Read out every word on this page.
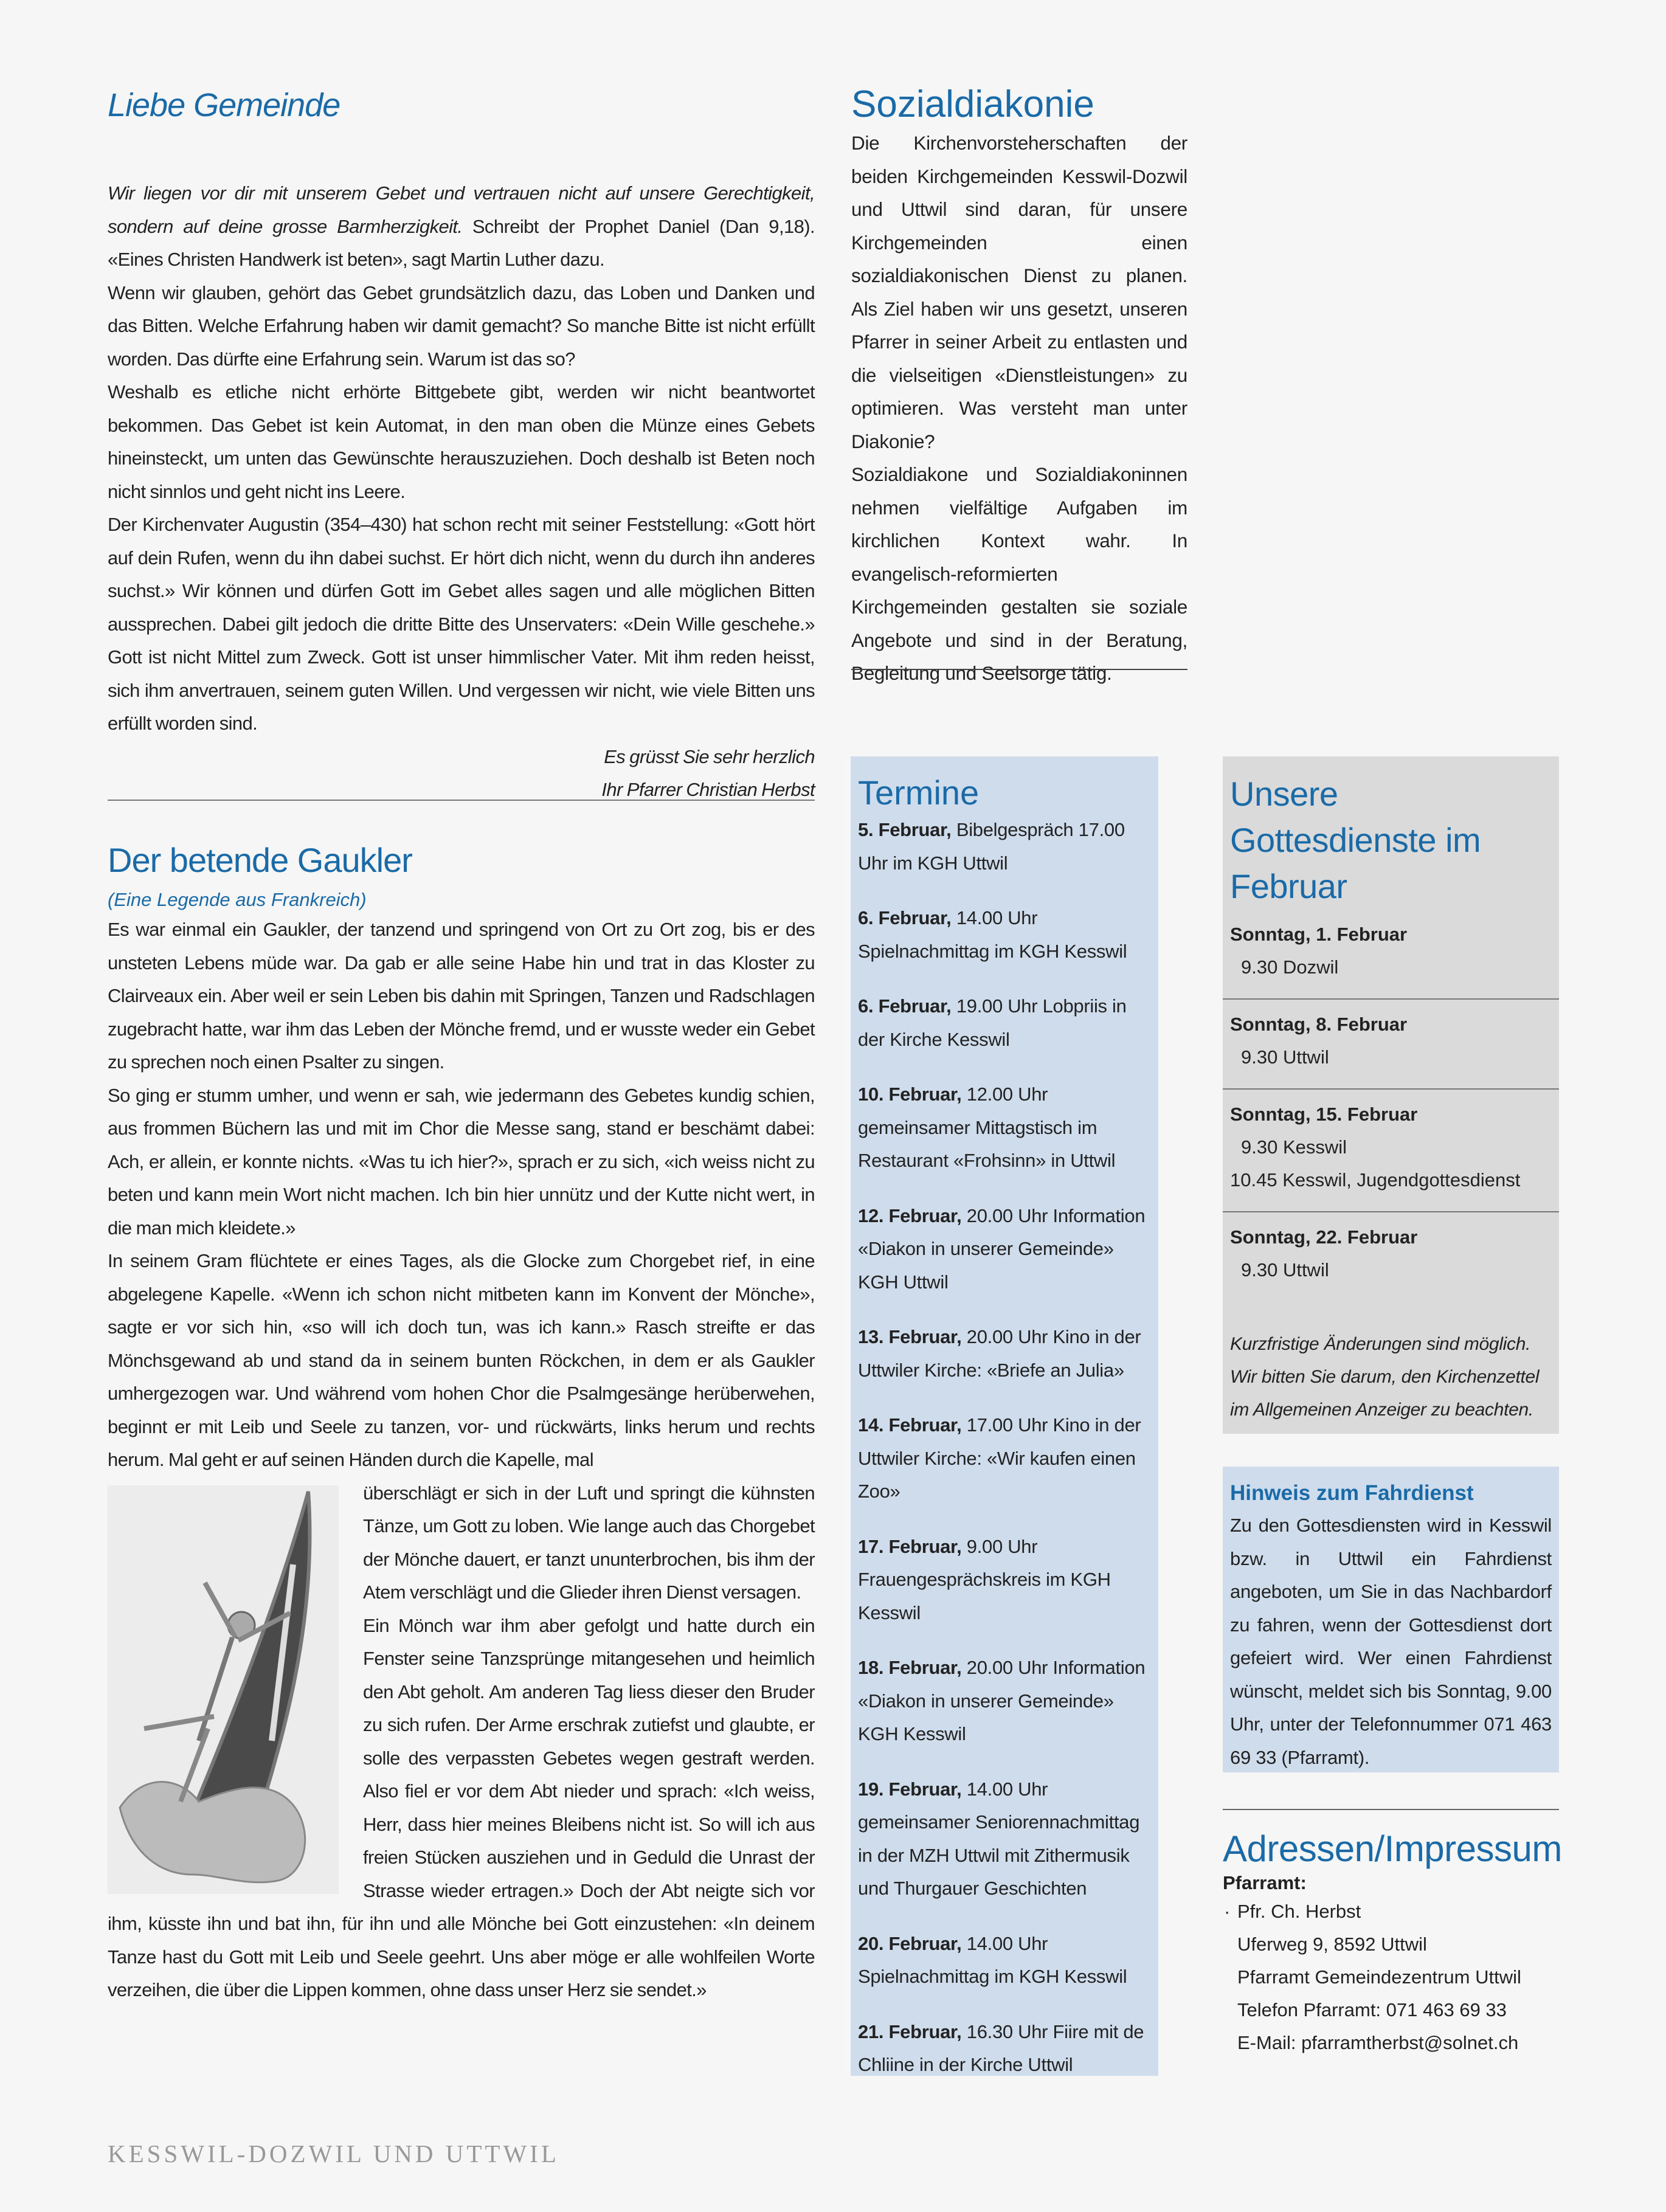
Liebe Gemeinde

Wir liegen vor dir mit unserem Gebet und vertrauen nicht auf unsere Gerechtigkeit, sondern auf deine grosse Barmherzigkeit. Schreibt der Prophet Daniel (Dan 9,18). «Eines Christen Handwerk ist beten», sagt Martin Luther dazu.

Wenn wir glauben, gehört das Gebet grundsätzlich dazu, das Loben und Danken und das Bitten. Welche Erfahrung haben wir damit gemacht? So manche Bitte ist nicht erfüllt worden. Das dürfte eine Erfahrung sein. Warum ist das so?

Weshalb es etliche nicht erhörte Bittgebete gibt, werden wir nicht beantwortet bekommen. Das Gebet ist kein Automat, in den man oben die Münze eines Gebets hineinsteckt, um unten das Gewünschte herauszuziehen. Doch deshalb ist Beten noch nicht sinnlos und geht nicht ins Leere.

Der Kirchenvater Augustin (354–430) hat schon recht mit seiner Feststellung: «Gott hört auf dein Rufen, wenn du ihn dabei suchst. Er hört dich nicht, wenn du durch ihn anderes suchst.» Wir können und dürfen Gott im Gebet alles sagen und alle möglichen Bitten aussprechen. Dabei gilt jedoch die dritte Bitte des Unservaters: «Dein Wille geschehe.» Gott ist nicht Mittel zum Zweck. Gott ist unser himmlischer Vater. Mit ihm reden heisst, sich ihm anvertrauen, seinem guten Willen. Und vergessen wir nicht, wie viele Bitten uns erfüllt worden sind.

Es grüsst Sie sehr herzlich

Ihr Pfarrer Christian Herbst

Der betende Gaukler
(Eine Legende aus Frankreich)

Es war einmal ein Gaukler, der tanzend und springend von Ort zu Ort zog, bis er des unsteten Lebens müde war. Da gab er alle seine Habe hin und trat in das Kloster zu Clairveaux ein. Aber weil er sein Leben bis dahin mit Springen, Tanzen und Radschlagen zugebracht hatte, war ihm das Leben der Mönche fremd, und er wusste weder ein Gebet zu sprechen noch einen Psalter zu singen.

So ging er stumm umher, und wenn er sah, wie jedermann des Gebetes kundig schien, aus frommen Büchern las und mit im Chor die Messe sang, stand er beschämt dabei: Ach, er allein, er konnte nichts. «Was tu ich hier?», sprach er zu sich, «ich weiss nicht zu beten und kann mein Wort nicht machen. Ich bin hier unnütz und der Kutte nicht wert, in die man mich kleidete.»

In seinem Gram flüchtete er eines Tages, als die Glocke zum Chorgebet rief, in eine abgelegene Kapelle. «Wenn ich schon nicht mitbeten kann im Konvent der Mönche», sagte er vor sich hin, «so will ich doch tun, was ich kann.» Rasch streifte er das Mönchsgewand ab und stand da in seinem bunten Röckchen, in dem er als Gaukler umhergezogen war. Und während vom hohen Chor die Psalmgesänge herüberwehen, beginnt er mit Leib und Seele zu tanzen, vor- und rückwärts, links herum und rechts herum. Mal geht er auf seinen Händen durch die Kapelle, mal

überschlägt er sich in der Luft und springt die kühnsten Tänze, um Gott zu loben. Wie lange auch das Chorgebet der Mönche dauert, er tanzt ununterbrochen, bis ihm der Atem verschlägt und die Glieder ihren Dienst versagen.

Ein Mönch war ihm aber gefolgt und hatte durch ein Fenster seine Tanzsprünge mitangesehen und heimlich den Abt geholt. Am anderen Tag liess dieser den Bruder zu sich rufen. Der Arme erschrak zutiefst und glaubte, er solle des verpassten Gebetes wegen gestraft werden. Also fiel er vor dem Abt nieder und sprach: «Ich weiss, Herr, dass hier meines Bleibens nicht ist. So will ich aus freien Stücken ausziehen und in Geduld die Unrast der Strasse wieder ertragen.» Doch der Abt neigte sich vor ihm, küsste ihn und bat ihn, für ihn und alle Mönche bei Gott einzustehen: «In deinem Tanze hast du Gott mit Leib und Seele geehrt. Uns aber möge er alle wohlfeilen Worte verzeihen, die über die Lippen kommen, ohne dass unser Herz sie sendet.»

KESSWIL-DOZWIL UND UTTWIL
Sozialdiakonie

Die Kirchenvorsteherschaften der beiden Kirchgemeinden Kesswil-Dozwil und Uttwil sind daran, für unsere Kirchgemeinden einen sozialdiakonischen Dienst zu planen. Als Ziel haben wir uns gesetzt, unseren Pfarrer in seiner Arbeit zu entlasten und die vielseitigen «Dienstleistungen» zu optimieren. Was versteht man unter Diakonie?

Sozialdiakone und Sozialdiakoninnen nehmen vielfältige Aufgaben im kirchlichen Kontext wahr. In evangelisch-reformierten Kirchgemeinden gestalten sie soziale Angebote und sind in der Beratung, Begleitung und Seelsorge tätig.

Termine

5. Februar, Bibelgespräch 17.00 Uhr im KGH Uttwil

6. Februar, 14.00 Uhr Spielnachmittag im KGH Kesswil

6. Februar, 19.00 Uhr Lobpriis in der Kirche Kesswil

10. Februar, 12.00 Uhr gemeinsamer Mittagstisch im Restaurant «Frohsinn» in Uttwil

12. Februar, 20.00 Uhr Information «Diakon in unserer Gemeinde» KGH Uttwil

13. Februar, 20.00 Uhr Kino in der Uttwiler Kirche: «Briefe an Julia»

14. Februar, 17.00 Uhr Kino in der Uttwiler Kirche: «Wir kaufen einen Zoo»

17. Februar, 9.00 Uhr Frauengesprächskreis im KGH Kesswil

18. Februar, 20.00 Uhr Information «Diakon in unserer Gemeinde» KGH Kesswil

19. Februar, 14.00 Uhr gemeinsamer Seniorennachmittag in der MZH Uttwil mit Zithermusik und Thurgauer Geschichten

20. Februar, 14.00 Uhr Spielnachmittag im KGH Kesswil

21. Februar, 16.30 Uhr Fiire mit de Chliine in der Kirche Uttwil

Unsere Gottesdienste im Februar
Sonntag, 1. Februar
9.30 Dozwil
Sonntag, 8. Februar
9.30 Uttwil
Sonntag, 15. Februar
9.30 Kesswil
10.45 Kesswil, Jugendgottesdienst
Sonntag, 22. Februar
9.30 Uttwil

Kurzfristige Änderungen sind möglich. Wir bitten Sie darum, den Kirchenzettel im Allgemeinen Anzeiger zu beachten.

Hinweis zum Fahrdienst

Zu den Gottesdiensten wird in Kesswil bzw. in Uttwil ein Fahrdienst angeboten, um Sie in das Nachbardorf zu fahren, wenn der Gottesdienst dort gefeiert wird. Wer einen Fahrdienst wünscht, meldet sich bis Sonntag, 9.00 Uhr, unter der Telefonnummer 071 463 69 33 (Pfarramt).

Adressen/Impressum
Pfarramt:
· Pfr. Ch. Herbst
Uferweg 9, 8592 Uttwil
Pfarramt Gemeindezentrum Uttwil
Telefon Pfarramt: 071 463 69 33
E-Mail: pfarramtherbst@solnet.ch
